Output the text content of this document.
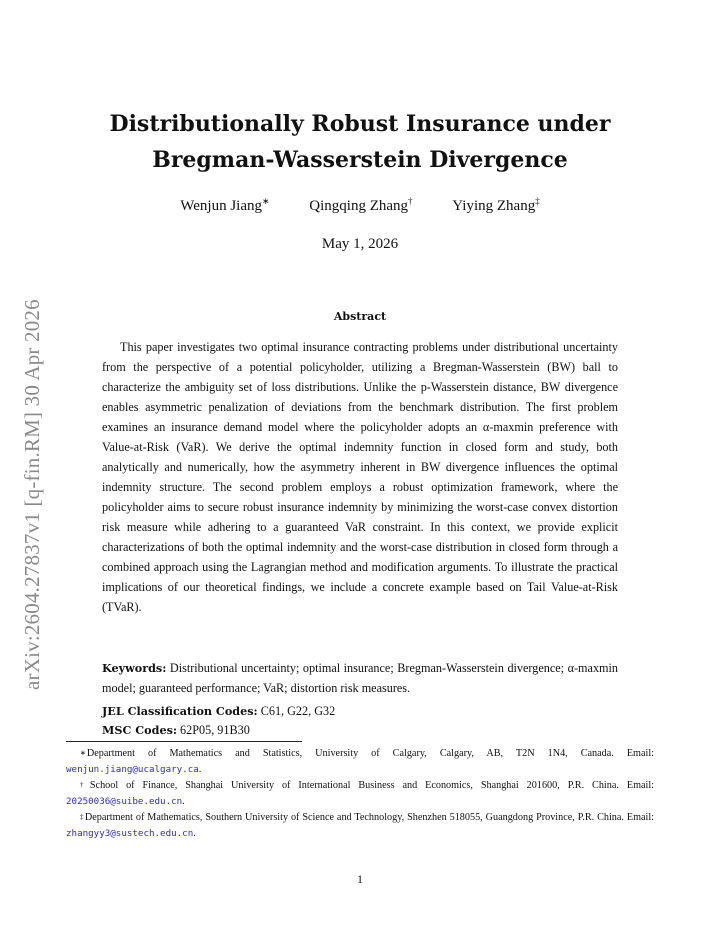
arXiv:2604.27837v1 [q-fin.RM] 30 Apr 2026
Distributionally Robust Insurance under
Bregman-Wasserstein Divergence
Wenjun Jiang∗	Qingqing Zhang†	Yiying Zhang‡
May 1, 2026
Abstract

This paper investigates two optimal insurance contracting problems under distributional uncertainty from the perspective of a potential policyholder, utilizing a Bregman-Wasserstein (BW) ball to characterize the ambiguity set of loss distributions. Unlike the p-Wasserstein distance, BW divergence enables asymmetric penalization of deviations from the benchmark distribution. The first problem examines an insurance demand model where the policyholder adopts an α-maxmin preference with Value-at-Risk (VaR). We derive the optimal indemnity function in closed form and study, both analytically and numerically, how the asymmetry inherent in BW divergence influences the optimal indemnity structure. The second problem employs a robust optimization framework, where the policyholder aims to secure robust insurance indemnity by minimizing the worst-case convex distortion risk measure while adhering to a guaranteed VaR constraint. In this context, we provide explicit characterizations of both the optimal indemnity and the worst-case distribution in closed form through a combined approach using the Lagrangian method and modification arguments. To illustrate the practical implications of our theoretical findings, we include a concrete example based on Tail Value-at-Risk (TVaR).

Keywords: Distributional uncertainty; optimal insurance; Bregman-Wasserstein divergence; α-maxmin model; guaranteed performance; VaR; distortion risk measures.
JEL Classification Codes: C61, G22, G32
MSC Codes: 62P05, 91B30

∗Department of Mathematics and Statistics, University of Calgary, Calgary, AB, T2N 1N4, Canada. Email: wenjun.jiang@ucalgary.ca.

†School of Finance, Shanghai University of International Business and Economics, Shanghai 201600, P.R. China. Email: 20250036@suibe.edu.cn.

‡Department of Mathematics, Southern University of Science and Technology, Shenzhen 518055, Guangdong Province, P.R. China. Email: zhangyy3@sustech.edu.cn.

1
